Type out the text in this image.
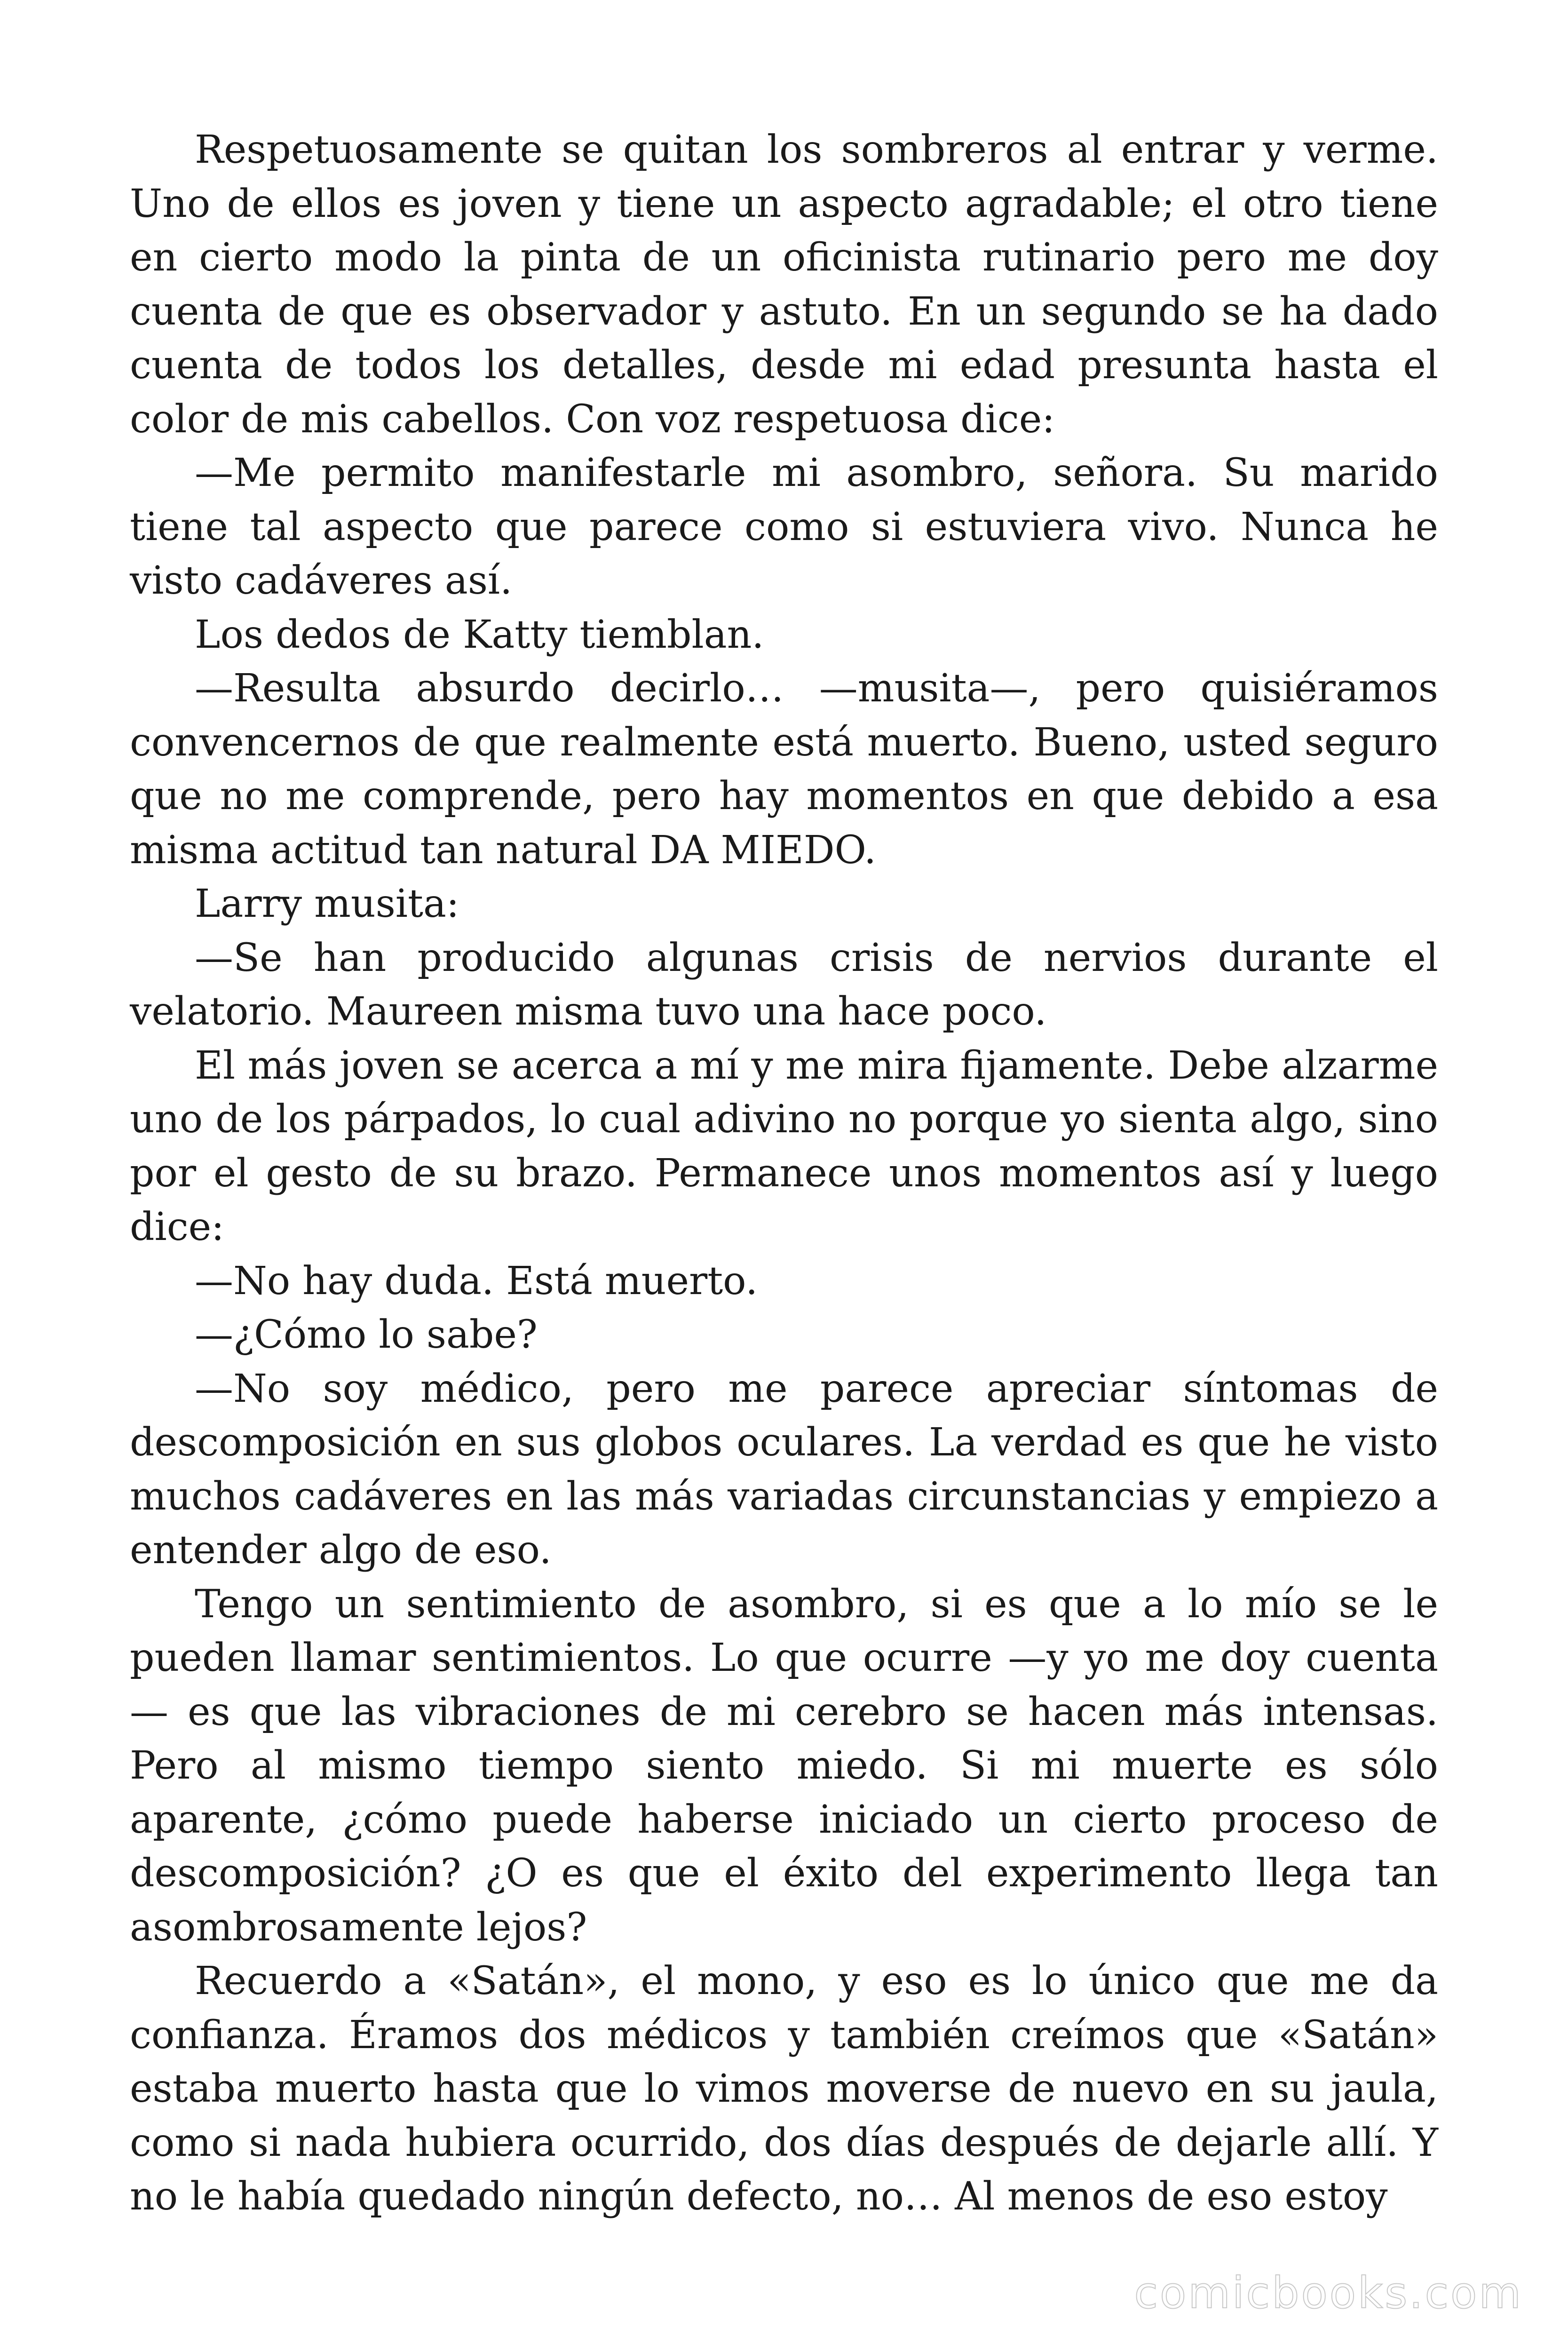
Respetuosamente se quitan los sombreros al entrar y verme. Uno de ellos es joven y tiene un aspecto agradable; el otro tiene en cierto modo la pinta de un oficinista rutinario pero me doy cuenta de que es observador y astuto. En un segundo se ha dado cuenta de todos los detalles, desde mi edad presunta hasta el color de mis cabellos. Con voz respetuosa dice:

—Me permito manifestarle mi asombro, señora. Su marido tiene tal aspecto que parece como si estuviera vivo. Nunca he visto cadáveres así.

Los dedos de Katty tiemblan.

—Resulta absurdo decirlo… —musita—, pero quisiéramos convencernos de que realmente está muerto. Bueno, usted seguro que no me comprende, pero hay momentos en que debido a esa misma actitud tan natural DA MIEDO.

Larry musita:

—Se han producido algunas crisis de nervios durante el velatorio. Maureen misma tuvo una hace poco.

El más joven se acerca a mí y me mira fijamente. Debe alzarme uno de los párpados, lo cual adivino no porque yo sienta algo, sino por el gesto de su brazo. Permanece unos momentos así y luego dice:

—No hay duda. Está muerto.

—¿Cómo lo sabe?

—No soy médico, pero me parece apreciar síntomas de descomposición en sus globos oculares. La verdad es que he visto muchos cadáveres en las más variadas circunstancias y empiezo a entender algo de eso.

Tengo un sentimiento de asombro, si es que a lo mío se le pueden llamar sentimientos. Lo que ocurre —y yo me doy cuenta— es que las vibraciones de mi cerebro se hacen más intensas. Pero al mismo tiempo siento miedo. Si mi muerte es sólo aparente, ¿cómo puede haberse iniciado un cierto proceso de descomposición? ¿O es que el éxito del experimento llega tan asombrosamente lejos?

Recuerdo a «Satán», el mono, y eso es lo único que me da confianza. Éramos dos médicos y también creímos que «Satán» estaba muerto hasta que lo vimos moverse de nuevo en su jaula, como si nada hubiera ocurrido, dos días después de dejarle allí. Y no le había quedado ningún defecto, no… Al menos de eso estoy

comicbooks.com
